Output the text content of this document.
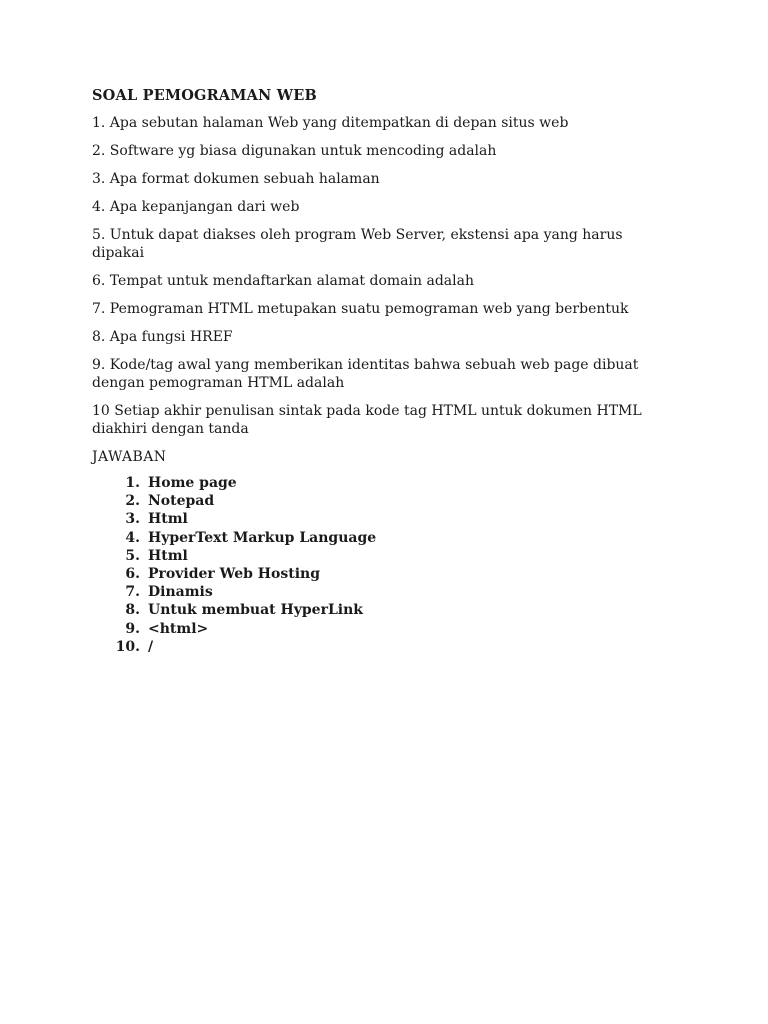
SOAL PEMOGRAMAN WEB

1. Apa sebutan halaman Web yang ditempatkan di depan situs web

2. Software yg biasa digunakan untuk mencoding adalah

3. Apa format dokumen sebuah halaman

4. Apa kepanjangan dari web

5. Untuk dapat diakses oleh program Web Server, ekstensi apa yang harus dipakai

6. Tempat untuk mendaftarkan alamat domain adalah

7. Pemograman HTML metupakan suatu pemograman web yang berbentuk

8. Apa fungsi HREF

9. Kode/tag awal yang memberikan identitas bahwa sebuah web page dibuat dengan pemograman HTML adalah

10 Setiap akhir penulisan sintak pada kode tag HTML untuk dokumen HTML diakhiri dengan tanda

JAWABAN
1. Home page
2. Notepad
3. Html
4. HyperText Markup Language
5. Html
6. Provider Web Hosting
7. Dinamis
8. Untuk membuat HyperLink
9. <html>
10. /
